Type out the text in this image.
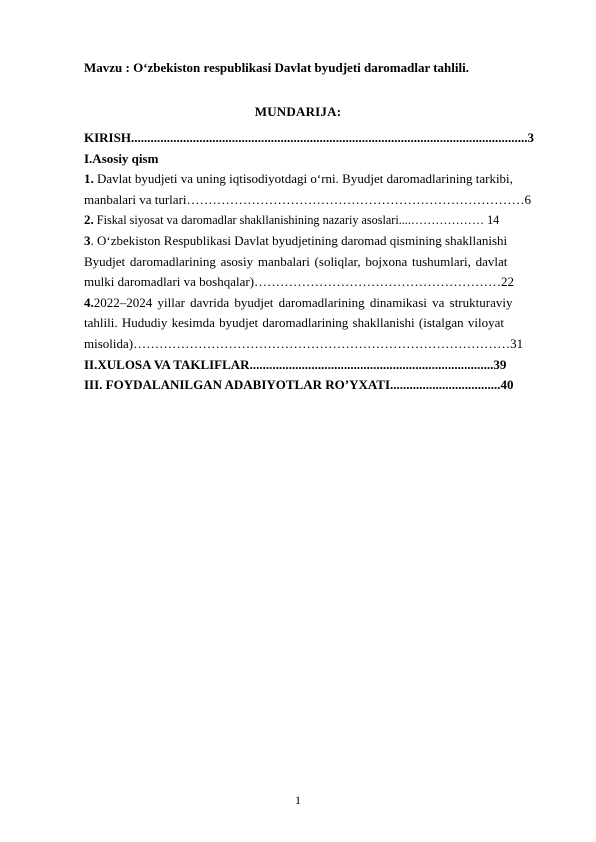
Mavzu : O‘zbekiston respublikasi Davlat byudjeti daromadlar tahlili.
MUNDARIJA:
KIRISH..........................................................................................................................3
I.Asosiy qism
1. Davlat byudjeti va uning iqtisodiyotdagi o‘rni. Byudjet daromadlarining tarkibi,
manbalari va turlari……………………………………………………………………6
2. Fiskal siyosat va daromadlar shakllanishining nazariy asoslari....……………… 14
3. O‘zbekiston Respublikasi Davlat byudjetining daromad qismining shakllanishi
Byudjet daromadlarining asosiy manbalari (soliqlar, bojxona tushumlari, davlat
mulki daromadlari va boshqalar)…………………………………………………22
4.2022–2024 yillar davrida byudjet daromadlarining dinamikasi va strukturaviy
tahlili. Hududiy kesimda byudjet daromadlarining shakllanishi (istalgan viloyat
misolida)……………………………………………………………………………31
II.XULOSA VA TAKLIFLAR...........................................................................39
III. FOYDALANILGAN ADABIYOTLAR RO’YXATI..................................40
1
